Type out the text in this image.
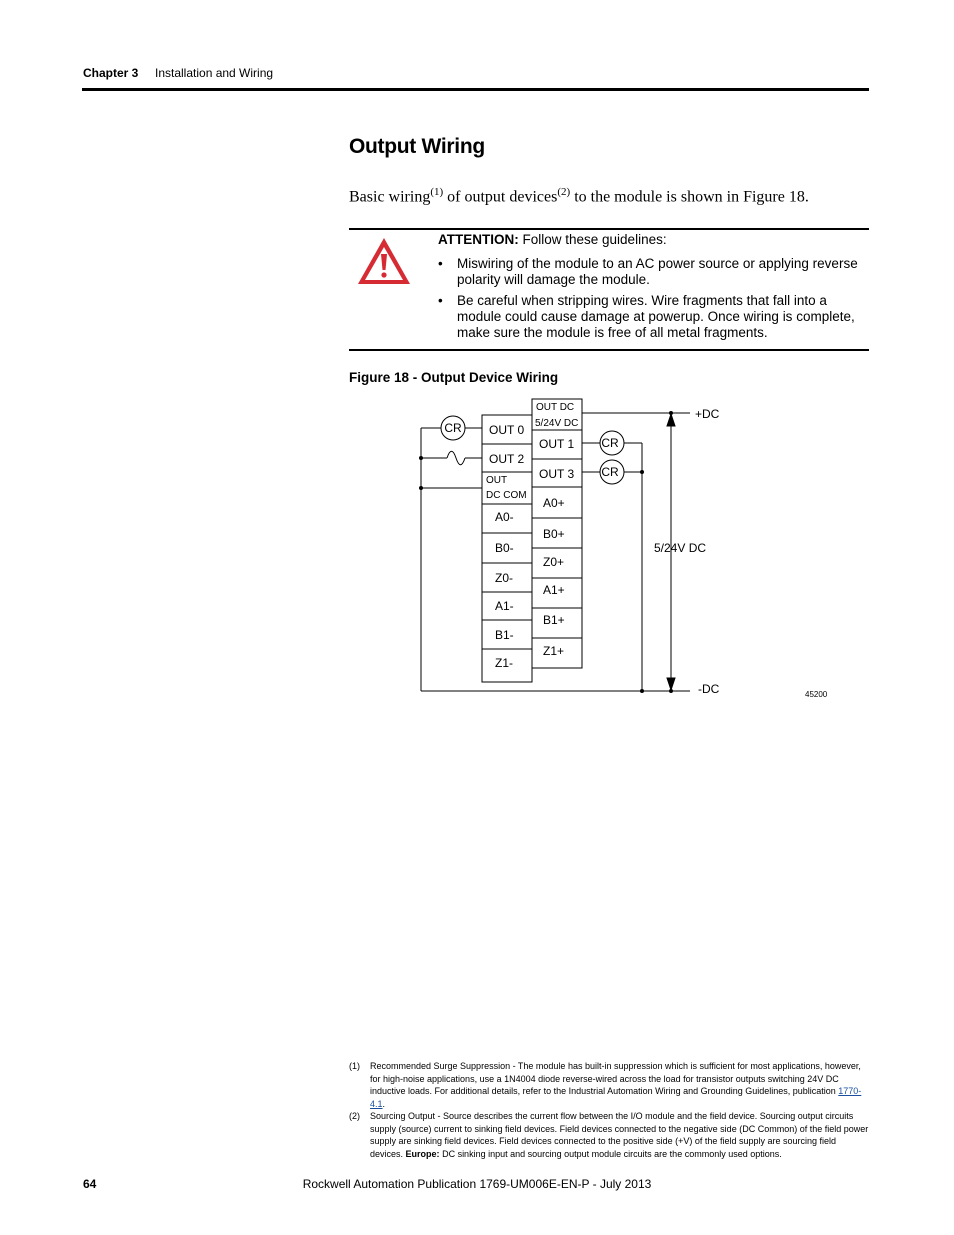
Chapter 3 Installation and Wiring
Output Wiring
Basic wiring$^{(1)}$ of output devices$^{(2)}$ to the module is shown in Figure 18.
ATTENTION: Follow these guidelines:
• Miswiring of the module to an AC power source or applying reverse polarity will damage the module.
• Be careful when stripping wires. Wire fragments that fall into a module could cause damage at powerup. Once wiring is complete, make sure the module is free of all metal fragments.
Figure 18 - Output Device Wiring
CR
CR
CR
OUT 0
OUT 2
OUT
DC COM
A0-
B0-
Z0-
A1-
B1-
Z1-
OUT DC
5/24V DC
OUT 1
OUT 3
A0+
B0+
Z0+
A1+
B1+
Z1+
+DC
-DC
5/24V DC
45200
(1) Recommended Surge Suppression - The module has built-in suppression which is sufficient for most applications, however, for high-noise applications, use a 1N4004 diode reverse-wired across the load for transistor outputs switching 24V DC inductive loads. For additional details, refer to the Industrial Automation Wiring and Grounding Guidelines, publication 1770-4.1.
(2) Sourcing Output - Source describes the current flow between the I/O module and the field device. Sourcing output circuits supply (source) current to sinking field devices. Field devices connected to the negative side (DC Common) of the field power supply are sinking field devices. Field devices connected to the positive side (+V) of the field supply are sourcing field devices. Europe: DC sinking input and sourcing output module circuits are the commonly used options.
64	Rockwell Automation Publication 1769-UM006E-EN-P - July 2013
